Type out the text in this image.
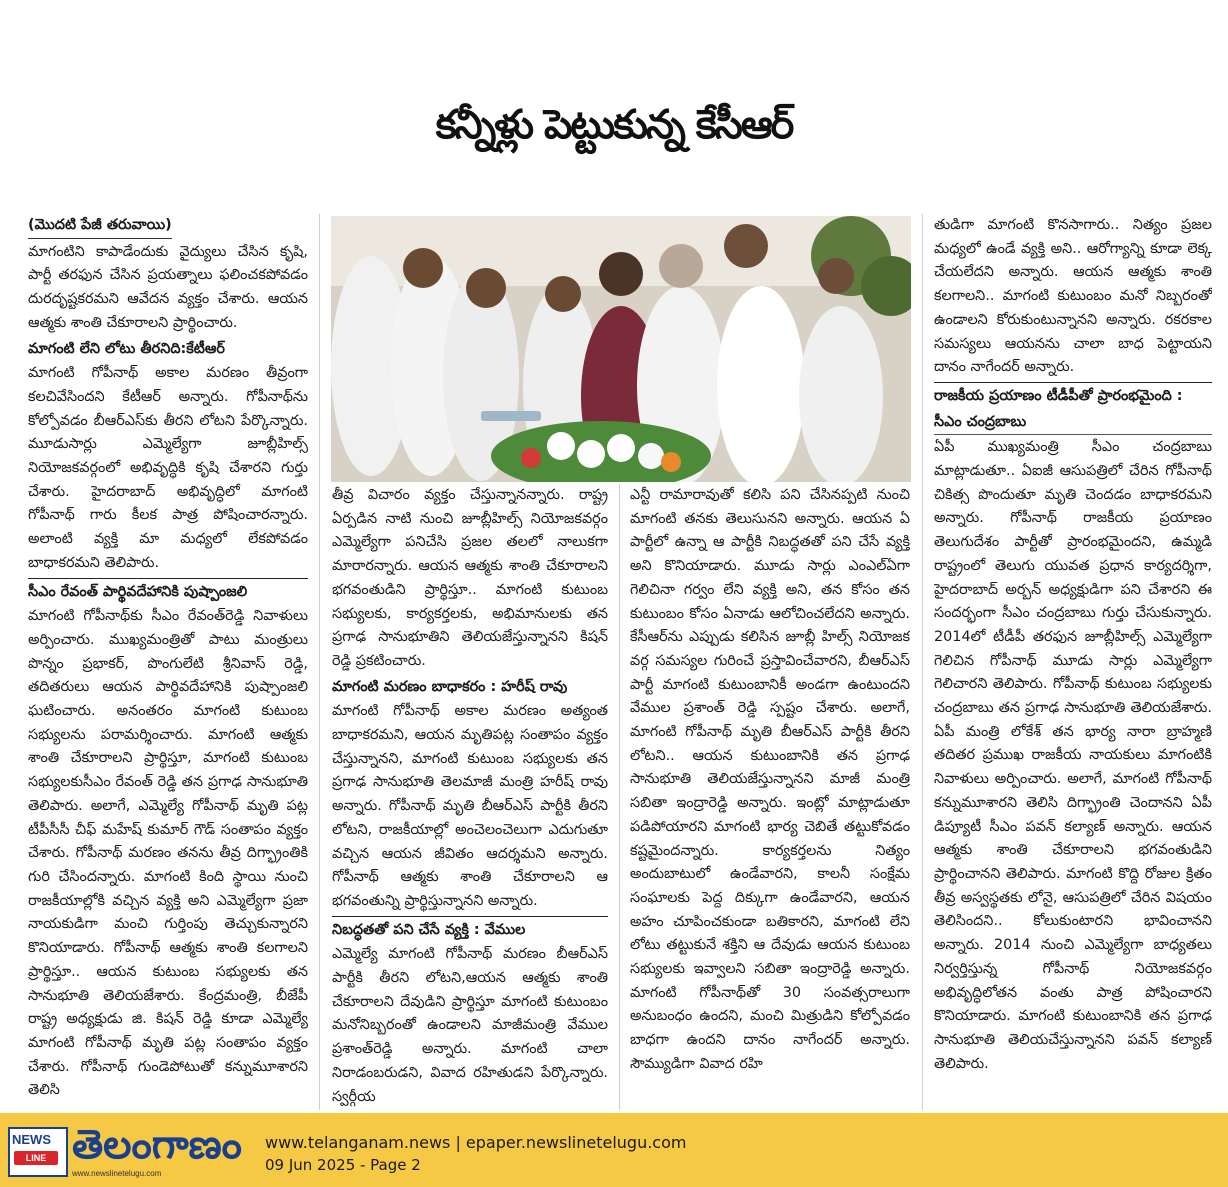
కన్నీళ్లు పెట్టుకున్న కేసీఆర్
(మొదటి పేజీ తరువాయి)

మాగంటిని కాపాడేందుకు వైద్యులు చేసిన కృషి, పార్టీ తరఫున చేసిన ప్రయత్నాలు ఫలించకపోవడం దురదృష్టకరమని ఆవేదన వ్యక్తం చేశారు. ఆయన ఆత్మకు శాంతి చేకూరాలని ప్రార్థించారు.

మాగంటి లేని లోటు తీరనిది:కేటీఆర్

మాగంటి గోపీనాథ్ అకాల మరణం తీవ్రంగా కలచివేసిందని కేటీఆర్ అన్నారు. గోపీనాథ్‌ను కోల్పోవడం బీఆర్ఎస్‌కు తీరని లోటని పేర్కొన్నారు. మూడుసార్లు ఎమ్మెల్యేగా జూబ్లీహిల్స్ నియోజకవర్గంలో అభివృద్ధికి కృషి చేశారని గుర్తు చేశారు. హైదరాబాద్ అభివృద్ధిలో మాగంటి గోపీనాథ్ గారు కీలక పాత్ర పోషించారన్నారు. అలాంటి వ్యక్తి మా మధ్యలో లేకపోవడం బాధాకరమని తెలిపారు.

సీఎం రేవంత్ పార్థివదేహానికి పుష్పాంజలి

మాగంటి గోపీనాథ్‌కు సీఎం రేవంత్‌రెడ్డి నివాళులు అర్పించారు. ముఖ్యమంత్రితో పాటు మంత్రులు పొన్నం ప్రభాకర్, పొంగులేటి శ్రీనివాస్ రెడ్డి, తదితరులు ఆయన పార్థివదేహానికి పుష్పాంజలి ఘటించారు. అనంతరం మాగంటి కుటుంబ సభ్యులను పరామర్శించారు. మాగంటి ఆత్మకు శాంతి చేకూరాలని ప్రార్థిస్తూ, మాగంటి కుటుంబ సభ్యులకుసీఎం రేవంత్ రెడ్డి తన ప్రగాఢ సానుభూతి తెలిపారు. అలాగే, ఎమ్మెల్యే గోపీనాథ్ మృతి పట్ల టీపీసీసీ చీఫ్ మహేష్ కుమార్ గౌడ్ సంతాపం వ్యక్తం చేశారు. గోపీనాథ్ మరణం తనను తీవ్ర దిగ్భ్రాంతికి గురి చేసిందన్నారు. మాగంటి కింది స్థాయి నుంచి రాజకీయాల్లోకి వచ్చిన వ్యక్తి అని ఎమ్మెల్యేగా ప్రజా నాయకుడిగా మంచి గుర్తింపు తెచ్చుకున్నారని కొనియాడారు. గోపీనాథ్ ఆత్మకు శాంతి కలగాలని ప్రార్థిస్తూ.. ఆయన కుటుంబ సభ్యులకు తన సానుభూతి తెలియజేశారు. కేంద్రమంత్రి, బీజేపీ రాష్ట్ర అధ్యక్షుడు జి. కిషన్ రెడ్డి కూడా ఎమ్మెల్యే మాగంటి గోపీనాథ్ మృతి పట్ల సంతాపం వ్యక్తం చేశారు. గోపీనాథ్ గుండెపోటుతో కన్నుమూశారని తెలిసి

తీవ్ర విచారం వ్యక్తం చేస్తున్నానన్నారు. రాష్ట్ర ఏర్పడిన నాటి నుంచి జూబ్లీహిల్స్ నియోజకవర్గం ఎమ్మెల్యేగా పనిచేసి ప్రజల తలలో నాలుకగా మారారన్నారు. ఆయన ఆత్మకు శాంతి చేకూరాలని భగవంతుడిని ప్రార్థిస్తూ.. మాగంటి కుటుంబ సభ్యులకు, కార్యకర్తలకు, అభిమానులకు తన ప్రగాఢ సానుభూతిని తెలియజేస్తున్నానని కిషన్ రెడ్డి ప్రకటించారు.

మాగంటి మరణం బాధాకరం : హరీష్ రావు

మాగంటి గోపీనాథ్ అకాల మరణం అత్యంత బాధాకరమని, ఆయన మృతిపట్ల సంతాపం వ్యక్తం చేస్తున్నానని, మాగంటి కుటుంబ సభ్యులకు తన ప్రగాఢ సానుభూతి తెలమాజీ మంత్రి హరీష్ రావు అన్నారు. గోపీనాథ్ మృతి బీఆర్ఎస్ పార్టీకి తీరని లోటని, రాజకీయాల్లో అంచెలంచెలుగా ఎదుగుతూ వచ్చిన ఆయన జీవితం ఆదర్శమని అన్నారు. గోపీనాథ్ ఆత్మకు శాంతి చేకూరాలని ఆ భగవంతున్ని ప్రార్థిస్తున్నానని అన్నారు.

నిబద్ధతతో పని చేసే వ్యక్తి : వేముల

ఎమ్మెల్యే మాగంటి గోపీనాథ్ మరణం బీఆర్ఎస్ పార్టీకి తీరని లోటని,ఆయన ఆత్మకు శాంతి చేకూరాలని దేవుడిని ప్రార్థిస్తూ మాగంటి కుటుంబం మనోనిబ్బరంతో ఉండాలని మాజీమంత్రి వేముల ప్రశాంత్‌రెడ్డి అన్నారు. మాగంటి చాలా నిరాడంబరుడని, వివాద రహితుడని పేర్కొన్నారు. స్వర్గీయ

ఎన్టీ రామారావుతో కలిసి పని చేసినప్పటి నుంచి మాగంటి తనకు తెలుసునని అన్నారు. ఆయన ఏ పార్టీలో ఉన్నా ఆ పార్టీకి నిబద్ధతతో పని చేసే వ్యక్తి అని కొనియాడారు. మూడు సార్లు ఎంఎల్ఏగా గెలిచినా గర్వం లేని వ్యక్తి అని, తన కోసం తన కుటుంబం కోసం ఏనాడు ఆలోచించలేదని అన్నారు. కేసీఆర్‌ను ఎప్పుడు కలిసిన జూబ్లీ హిల్స్ నియోజక వర్గ సమస్యల గురించే ప్రస్తావించేవారని, బీఆర్ఎస్ పార్టీ మాగంటి కుటుంబానికీ అండగా ఉంటుందని వేముల ప్రశాంత్ రెడ్డి స్పష్టం చేశారు. అలాగే, మాగంటి గోపీనాథ్ మృతి బీఆర్ఎస్ పార్టీకి తీరని లోటని.. ఆయన కుటుంబానికి తన ప్రగాఢ సానుభూతి తెలియజేస్తున్నానని మాజీ మంత్రి సబితా ఇంద్రారెడ్డి అన్నారు. ఇంట్లో మాట్లాడుతూ పడిపోయారని మాగంటి భార్య చెబితే తట్టుకోవడం కష్టమైందన్నారు. కార్యకర్తలను నిత్యం అందుబాటులో ఉండేవారని, కాలనీ సంక్షేమ సంఘాలకు పెద్ద దిక్కుగా ఉండేవారని, ఆయన అహం చూపించకుండా బతికారని, మాగంటి లేని లోటు తట్టుకునే శక్తిని ఆ దేవుడు ఆయన కుటుంబ సభ్యులకు ఇవ్వాలని సబితా ఇంద్రారెడ్డి అన్నారు. మాగంటి గోపీనాథ్‌తో 30 సంవత్సరాలుగా అనుబంధం ఉందని, మంచి మిత్రుడిని కోల్పోవడం బాధగా ఉందని దానం నాగేందర్ అన్నారు. సౌమ్యుడిగా వివాద రహి

తుడిగా మాగంటి కొనసాగారు.. నిత్యం ప్రజల మధ్యలో ఉండే వ్యక్తి అని.. ఆరోగ్యాన్ని కూడా లెక్క చేయలేదని అన్నారు. ఆయన ఆత్మకు శాంతి కలగాలని.. మాగంటి కుటుంబం మనో నిబ్బరంతో ఉండాలని కోరుకుంటున్నానని అన్నారు. రకరకాల సమస్యలు ఆయనను చాలా బాధ పెట్టాయని దానం నాగేందర్ అన్నారు.

రాజకీయ ప్రయాణం టీడీపీతో ప్రారంభమైంది :

సీఎం చంద్రబాబు

ఏపీ ముఖ్యమంత్రి సీఎం చంద్రబాబు మాట్లాడుతూ.. ఏఐజీ ఆసుపత్రిలో చేరిన గోపీనాథ్ చికిత్స పొందుతూ మృతి చెందడం బాధాకరమని అన్నారు. గోపీనాథ్ రాజకీయ ప్రయాణం తెలుగుదేశం పార్టీతో ప్రారంభమైందని, ఉమ్మడి రాష్ట్రంలో తెలుగు యువత ప్రధాన కార్యదర్శిగా, హైదరాబాద్ అర్బన్ అధ్యక్షుడిగా పని చేశారని ఈ సందర్భంగా సీఎం చంద్రబాబు గుర్తు చేసుకున్నారు. 2014లో టీడీపీ తరఫున జూబ్లీహిల్స్ ఎమ్మెల్యేగా గెలిచిన గోపీనాథ్ మూడు సార్లు ఎమ్మెల్యేగా గెలిచారని తెలిపారు. గోపీనాథ్ కుటుంబ సభ్యులకు చంద్రబాబు తన ప్రగాఢ సానుభూతి తెలియజేశారు. ఏపీ మంత్రి లోకేశ్ తన భార్య నారా బ్రాహ్మణి తదితర ప్రముఖ రాజకీయ నాయకులు మాగంటికి నివాళులు అర్పించారు. అలాగే, మాగంటి గోపీనాథ్ కన్నుమూశారని తెలిసి దిగ్భ్రాంతి చెందానని ఏపీ డిప్యూటీ సీఎం పవన్ కల్యాణ్ అన్నారు. ఆయన ఆత్మకు శాంతి చేకూరాలని భగవంతుడిని ప్రార్థించానని తెలిపారు. మాగంటి కొద్ది రోజుల క్రితం తీవ్ర అస్వస్థతకు లోనై, ఆసుపత్రిలో చేరిన విషయం తెలిసిందని.. కోలుకుంటారని భావించానని అన్నారు. 2014 నుంచి ఎమ్మెల్యేగా బాధ్యతలు నిర్వర్తిస్తున్న గోపీనాథ్ నియోజకవర్గం అభివృద్ధిలోతన వంతు పాత్ర పోషించారని కొనియాడారు. మాగంటి కుటుంబానికి తన ప్రగాఢ సానుభూతి తెలియచేస్తున్నానని పవన్ కల్యాణ్ తెలిపారు.

NEWS
LINE తెలంగాణం
www.newslinetelugu.com
www.telanganam.news | epaper.newslinetelugu.com
09 Jun 2025 - Page 2
